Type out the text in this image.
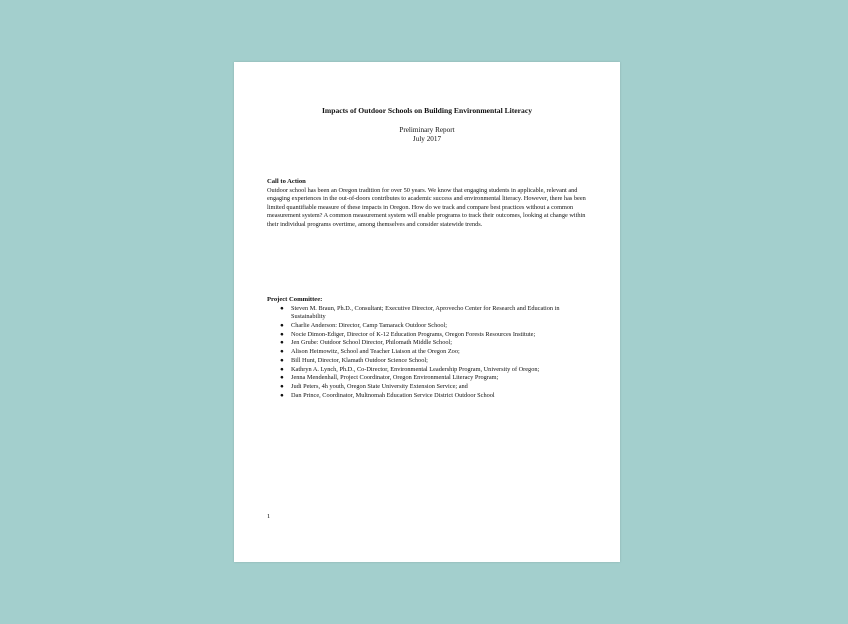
Impacts of Outdoor Schools on Building Environmental Literacy
Preliminary Report
July 2017
Call to Action

Outdoor school has been an Oregon tradition for over 50 years. We know that engaging students in applicable, relevant and engaging experiences in the out-of-doors contributes to academic success and environmental literacy. However, there has been limited quantifiable measure of these impacts in Oregon. How do we track and compare best practices without a common measurement system? A common measurement system will enable programs to track their outcomes, looking at change within their individual programs overtime, among themselves and consider statewide trends.

Project Committee:
● Steven M. Braun, Ph.D., Consultant; Executive Director, Aprovecho Center for Research and Education in Sustainability
● Charlie Anderson: Director, Camp Tamarack Outdoor School;
● Nocie Dimon-Ediger, Director of K-12 Education Programs, Oregon Forests Resources Institute;
● Jen Grube: Outdoor School Director, Philomath Middle School;
● Alison Heimowitz, School and Teacher Liaison at the Oregon Zoo;
● Bill Hunt, Director, Klamath Outdoor Science School;
● Kathryn A. Lynch, Ph.D., Co-Director, Environmental Leadership Program, University of Oregon;
● Jenna Mendenhall, Project Coordinator, Oregon Environmental Literacy Program;
● Judi Peters, 4h youth, Oregon State University Extension Service; and
● Dan Prince, Coordinator, Multnomah Education Service District Outdoor School
1
